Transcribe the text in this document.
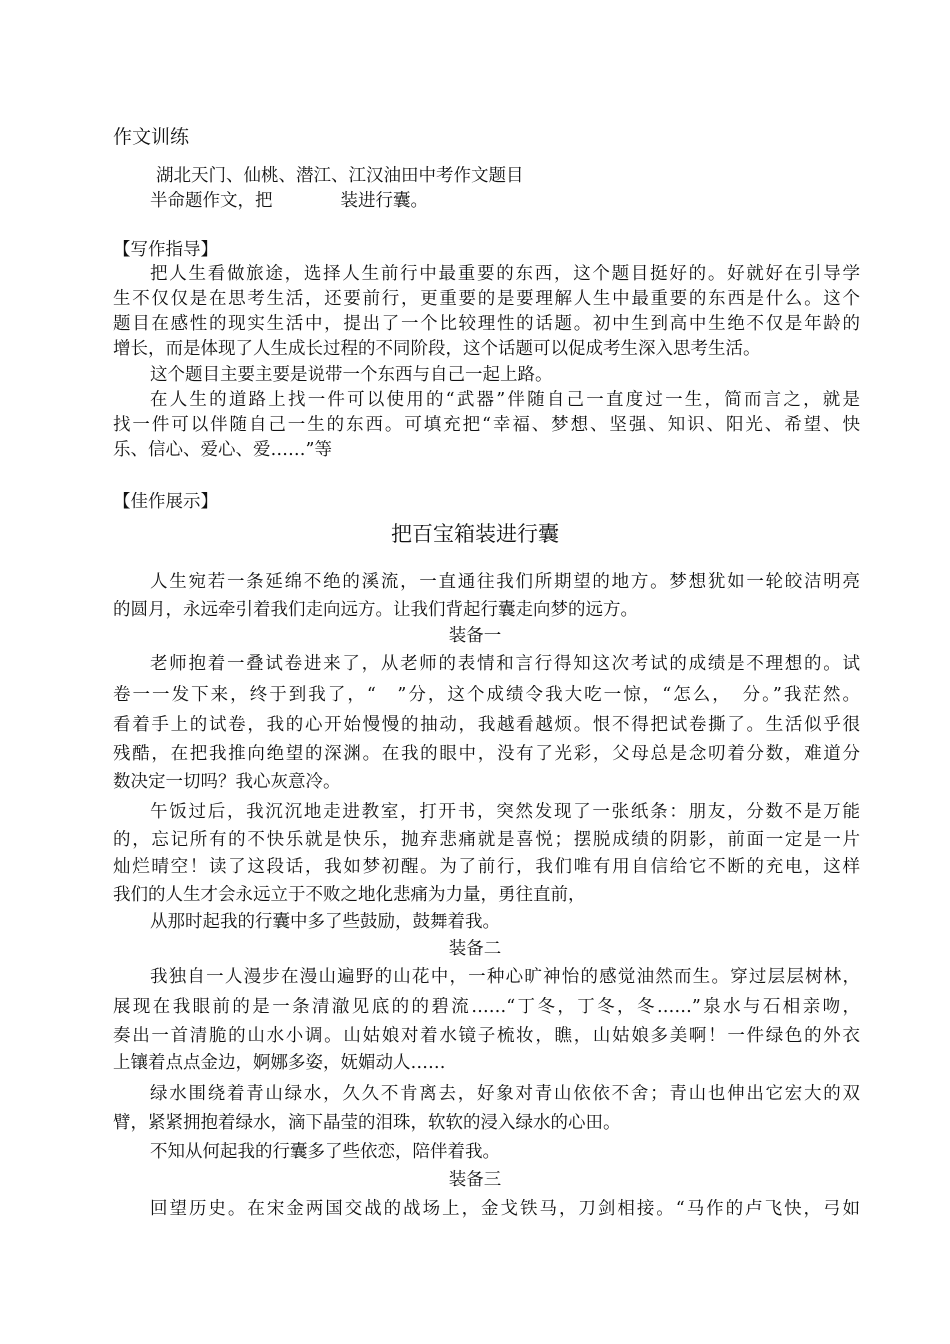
作文训练
湖北天门、仙桃、潜江、江汉油田中考作文题目
半命题作文，把	装进行囊。
【写作指导】
把人生看做旅途，选择人生前行中最重要的东西，这个题目挺好的。好就好在引导学
生不仅仅是在思考生活，还要前行，更重要的是要理解人生中最重要的东西是什么。这个
题目在感性的现实生活中，提出了一个比较理性的话题。初中生到高中生绝不仅是年龄的
增长，而是体现了人生成长过程的不同阶段，这个话题可以促成考生深入思考生活。
这个题目主要主要是说带一个东西与自己一起上路。
在人生的道路上找一件可以使用的“武器”伴随自己一直度过一生，简而言之，就是
找一件可以伴随自己一生的东西。可填充把“幸福、梦想、坚强、知识、阳光、希望、快
乐、信心、爱心、爱……”等
【佳作展示】
把百宝箱装进行囊
人生宛若一条延绵不绝的溪流，一直通往我们所期望的地方。梦想犹如一轮皎洁明亮
的圆月，永远牵引着我们走向远方。让我们背起行囊走向梦的远方。
装备一
老师抱着一叠试卷进来了，从老师的表情和言行得知这次考试的成绩是不理想的。试
卷一一发下来，终于到我了，“　”分，这个成绩令我大吃一惊，“怎么，　分。”我茫然。
看着手上的试卷，我的心开始慢慢的抽动，我越看越烦。恨不得把试卷撕了。生活似乎很
残酷，在把我推向绝望的深渊。在我的眼中，没有了光彩，父母总是念叨着分数，难道分
数决定一切吗？我心灰意冷。
午饭过后，我沉沉地走进教室，打开书，突然发现了一张纸条：朋友，分数不是万能
的，忘记所有的不快乐就是快乐，抛弃悲痛就是喜悦；摆脱成绩的阴影，前面一定是一片
灿烂晴空！读了这段话，我如梦初醒。为了前行，我们唯有用自信给它不断的充电，这样
我们的人生才会永远立于不败之地化悲痛为力量，勇往直前，
从那时起我的行囊中多了些鼓励，鼓舞着我。
装备二
我独自一人漫步在漫山遍野的山花中，一种心旷神怡的感觉油然而生。穿过层层树林，
展现在我眼前的是一条清澈见底的的碧流……“丁冬，丁冬，冬……”泉水与石相亲吻，
奏出一首清脆的山水小调。山姑娘对着水镜子梳妆，瞧，山姑娘多美啊！一件绿色的外衣
上镶着点点金边，婀娜多姿，妩媚动人……
绿水围绕着青山绿水，久久不肯离去，好象对青山依依不舍；青山也伸出它宏大的双
臂，紧紧拥抱着绿水，滴下晶莹的泪珠，软软的浸入绿水的心田。
不知从何起我的行囊多了些依恋，陪伴着我。
装备三
回望历史。在宋金两国交战的战场上，金戈铁马，刀剑相接。“马作的卢飞快，弓如
